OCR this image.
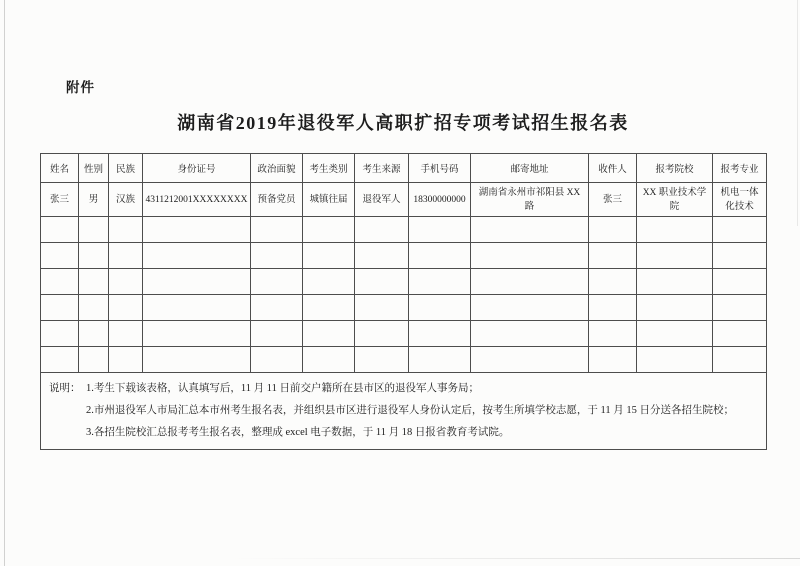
附件
湖南省2019年退役军人高职扩招专项考试招生报名表
姓名	性别	民族	身份证号	政治面貌	考生类别	考生来源	手机号码	邮寄地址	收件人	报考院校	报考专业
张三	男	汉族	4311212001XXXXXXXX	预备党员	城镇往届	退役军人	18300000000	湖南省永州市祁阳县 XX 路	张三	XX 职业技术学院	机电一体化技术

说明： 1.考生下载该表格，认真填写后，11 月 11 日前交户籍所在县市区的退役军人事务局；
2.市州退役军人市局汇总本市州考生报名表，并组织县市区进行退役军人身份认定后，按考生所填学校志愿，于 11 月 15 日分送各招生院校；
3.各招生院校汇总报考考生报名表，整理成 excel 电子数据，于 11 月 18 日报省教育考试院。											
